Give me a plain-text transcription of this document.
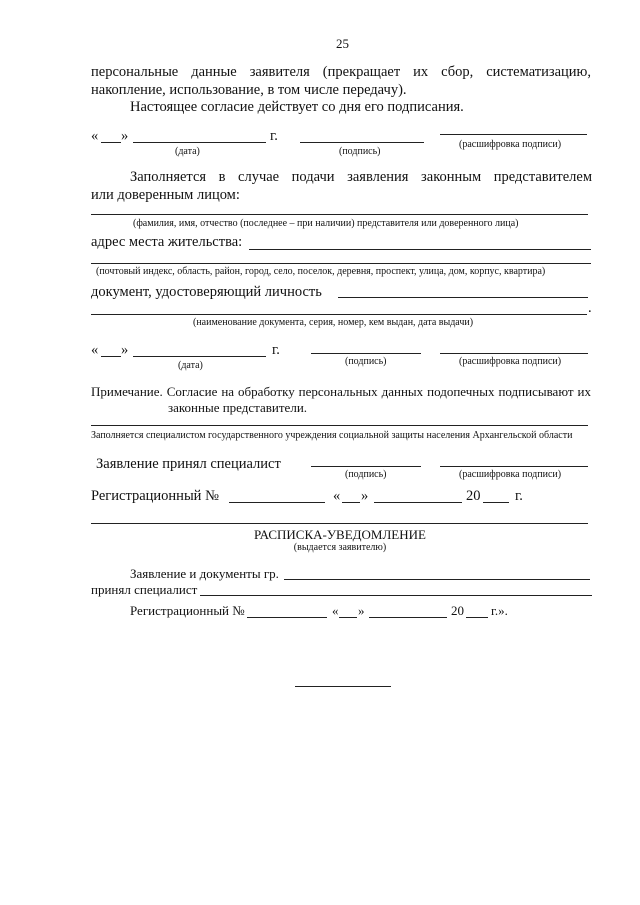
25
персональные данные заявителя (прекращает их сбор, систематизацию,
накопление, использование, в том числе передачу).
Настоящее согласие действует со дня его подписания.
« »	г.
(дата)	(подпись)
(расшифровка подписи)
Заполняется в случае подачи заявления законным представителем
или доверенным лицом:
(фамилия, имя, отчество (последнее – при наличии) представителя или доверенного лица)
адрес места жительства:
(почтовый индекс, область, район, город, село, поселок, деревня, проспект, улица, дом, корпус, квартира)
документ, удостоверяющий личность
.
(наименование документа, серия, номер, кем выдан, дата выдачи)
« »	г.
(дата)	(подпись)	(расшифровка подписи)
Примечание. Согласие на обработку персональных данных подопечных подписывают их
законные представители.
Заполняется специалистом государственного учреждения социальной защиты населения Архангельской области
Заявление принял специалист
(подпись)	(расшифровка подписи)
Регистрационный №	« »	20 г.
РАСПИСКА-УВЕДОМЛЕНИЕ
(выдается заявителю)
Заявление и документы гр.
принял специалист
Регистрационный №	« »	20 г.».
